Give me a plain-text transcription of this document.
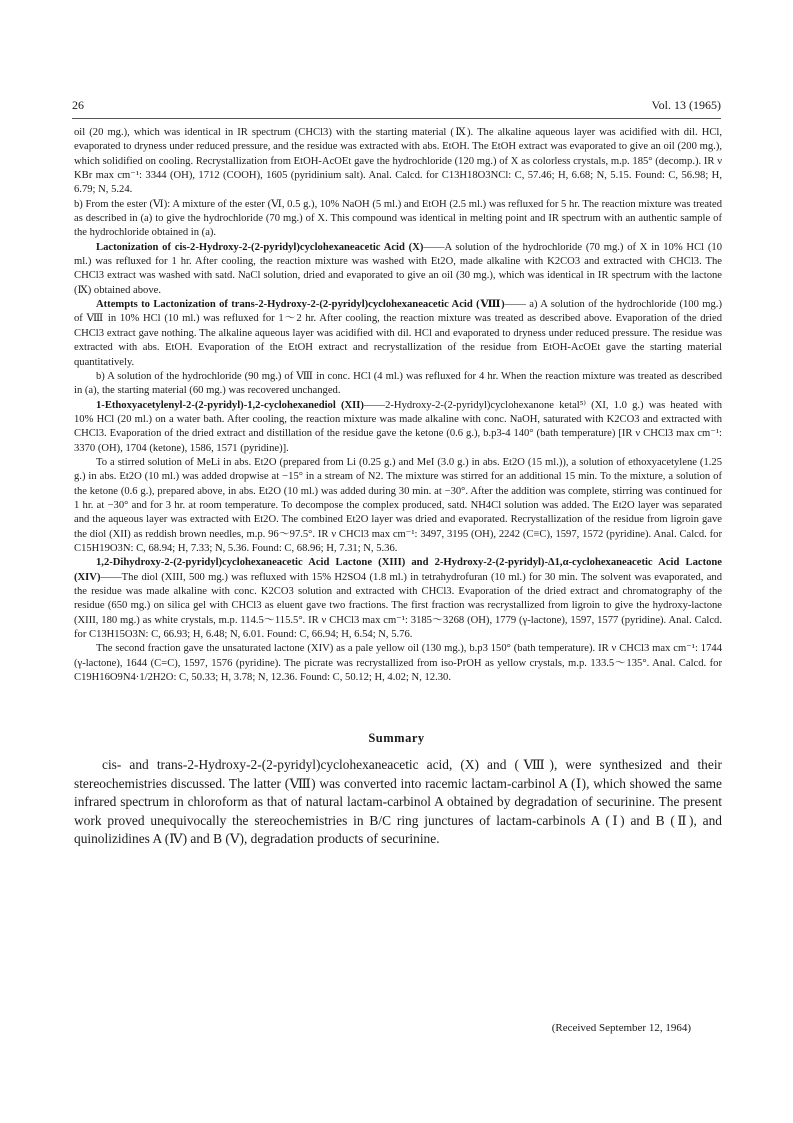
26	Vol. 13 (1965)

oil (20 mg.), which was identical in IR spectrum (CHCl3) with the starting material (Ⅸ). The alkaline aqueous layer was acidified with dil. HCl, evaporated to dryness under reduced pressure, and the residue was extracted with abs. EtOH. The EtOH extract was evaporated to give an oil (200 mg.), which solidified on cooling. Recrystallization from EtOH-AcOEt gave the hydrochloride (120 mg.) of X as colorless crystals, m.p. 185° (decomp.). IR ν KBr max cm⁻¹: 3344 (OH), 1712 (COOH), 1605 (pyridinium salt). Anal. Calcd. for C13H18O3NCl: C, 57.46; H, 6.68; N, 5.15. Found: C, 56.98; H, 6.79; N, 5.24.

b) From the ester (Ⅵ): A mixture of the ester (Ⅵ, 0.5 g.), 10% NaOH (5 ml.) and EtOH (2.5 ml.) was refluxed for 5 hr. The reaction mixture was treated as described in (a) to give the hydrochloride (70 mg.) of X. This compound was identical in melting point and IR spectrum with an authentic sample of the hydrochloride obtained in (a).

Lactonization of cis-2-Hydroxy-2-(2-pyridyl)cyclohexaneacetic Acid (X)——A solution of the hydrochloride (70 mg.) of X in 10% HCl (10 ml.) was refluxed for 1 hr. After cooling, the reaction mixture was washed with Et2O, made alkaline with K2CO3 and extracted with CHCl3. The CHCl3 extract was washed with satd. NaCl solution, dried and evaporated to give an oil (30 mg.), which was identical in IR spectrum with the lactone (Ⅸ) obtained above.

Attempts to Lactonization of trans-2-Hydroxy-2-(2-pyridyl)cyclohexaneacetic Acid (Ⅷ)—— a) A solution of the hydrochloride (100 mg.) of Ⅷ in 10% HCl (10 ml.) was refluxed for 1～2 hr. After cooling, the reaction mixture was treated as described above. Evaporation of the dried CHCl3 extract gave nothing. The alkaline aqueous layer was acidified with dil. HCl and evaporated to dryness under reduced pressure. The residue was extracted with abs. EtOH. Evaporation of the EtOH extract and recrystallization of the residue from EtOH-AcOEt gave the starting material quantitatively.

b) A solution of the hydrochloride (90 mg.) of Ⅷ in conc. HCl (4 ml.) was refluxed for 4 hr. When the reaction mixture was treated as described in (a), the starting material (60 mg.) was recovered unchanged.

1-Ethoxyacetylenyl-2-(2-pyridyl)-1,2-cyclohexanediol (XII)——2-Hydroxy-2-(2-pyridyl)cyclohexanone ketal⁵⁾ (XI, 1.0 g.) was heated with 10% HCl (20 ml.) on a water bath. After cooling, the reaction mixture was made alkaline with conc. NaOH, saturated with K2CO3 and extracted with CHCl3. Evaporation of the dried extract and distillation of the residue gave the ketone (0.6 g.), b.p3-4 140° (bath temperature) [IR ν CHCl3 max cm⁻¹: 3370 (OH), 1704 (ketone), 1586, 1571 (pyridine)].

To a stirred solution of MeLi in abs. Et2O (prepared from Li (0.25 g.) and MeI (3.0 g.) in abs. Et2O (15 ml.)), a solution of ethoxyacetylene (1.25 g.) in abs. Et2O (10 ml.) was added dropwise at −15° in a stream of N2. The mixture was stirred for an additional 15 min. To the mixture, a solution of the ketone (0.6 g.), prepared above, in abs. Et2O (10 ml.) was added during 30 min. at −30°. After the addition was complete, stirring was continued for 1 hr. at −30° and for 3 hr. at room temperature. To decompose the complex produced, satd. NH4Cl solution was added. The Et2O layer was separated and the aqueous layer was extracted with Et2O. The combined Et2O layer was dried and evaporated. Recrystallization of the residue from ligroin gave the diol (XII) as reddish brown needles, m.p. 96～97.5°. IR ν CHCl3 max cm⁻¹: 3497, 3195 (OH), 2242 (C≡C), 1597, 1572 (pyridine). Anal. Calcd. for C15H19O3N: C, 68.94; H, 7.33; N, 5.36. Found: C, 68.96; H, 7.31; N, 5.36.

1,2-Dihydroxy-2-(2-pyridyl)cyclohexaneacetic Acid Lactone (XIII) and 2-Hydroxy-2-(2-pyridyl)-Δ1,α-cyclohexaneacetic Acid Lactone (XIV)——The diol (XIII, 500 mg.) was refluxed with 15% H2SO4 (1.8 ml.) in tetrahydrofuran (10 ml.) for 30 min. The solvent was evaporated, and the residue was made alkaline with conc. K2CO3 solution and extracted with CHCl3. Evaporation of the dried extract and chromatography of the residue (650 mg.) on silica gel with CHCl3 as eluent gave two fractions. The first fraction was recrystallized from ligroin to give the hydroxy-lactone (XIII, 180 mg.) as white crystals, m.p. 114.5～115.5°. IR ν CHCl3 max cm⁻¹: 3185～3268 (OH), 1779 (γ-lactone), 1597, 1577 (pyridine). Anal. Calcd. for C13H15O3N: C, 66.93; H, 6.48; N, 6.01. Found: C, 66.94; H, 6.54; N, 5.76.

The second fraction gave the unsaturated lactone (XIV) as a pale yellow oil (130 mg.), b.p3 150° (bath temperature). IR ν CHCl3 max cm⁻¹: 1744 (γ-lactone), 1644 (C=C), 1597, 1576 (pyridine). The picrate was recrystallized from iso-PrOH as yellow crystals, m.p. 133.5～135°. Anal. Calcd. for C19H16O9N4·1/2H2O: C, 50.33; H, 3.78; N, 12.36. Found: C, 50.12; H, 4.02; N, 12.30.

Summary

cis- and trans-2-Hydroxy-2-(2-pyridyl)cyclohexaneacetic acid, (X) and (Ⅷ), were synthesized and their stereochemistries discussed. The latter (Ⅷ) was converted into racemic lactam-carbinol A (Ⅰ), which showed the same infrared spectrum in chloroform as that of natural lactam-carbinol A obtained by degradation of securinine. The present work proved unequivocally the stereochemistries in B/C ring junctures of lactam-carbinols A (Ⅰ) and B (Ⅱ), and quinolizidines A (Ⅳ) and B (Ⅴ), degradation products of securinine.

(Received September 12, 1964)
